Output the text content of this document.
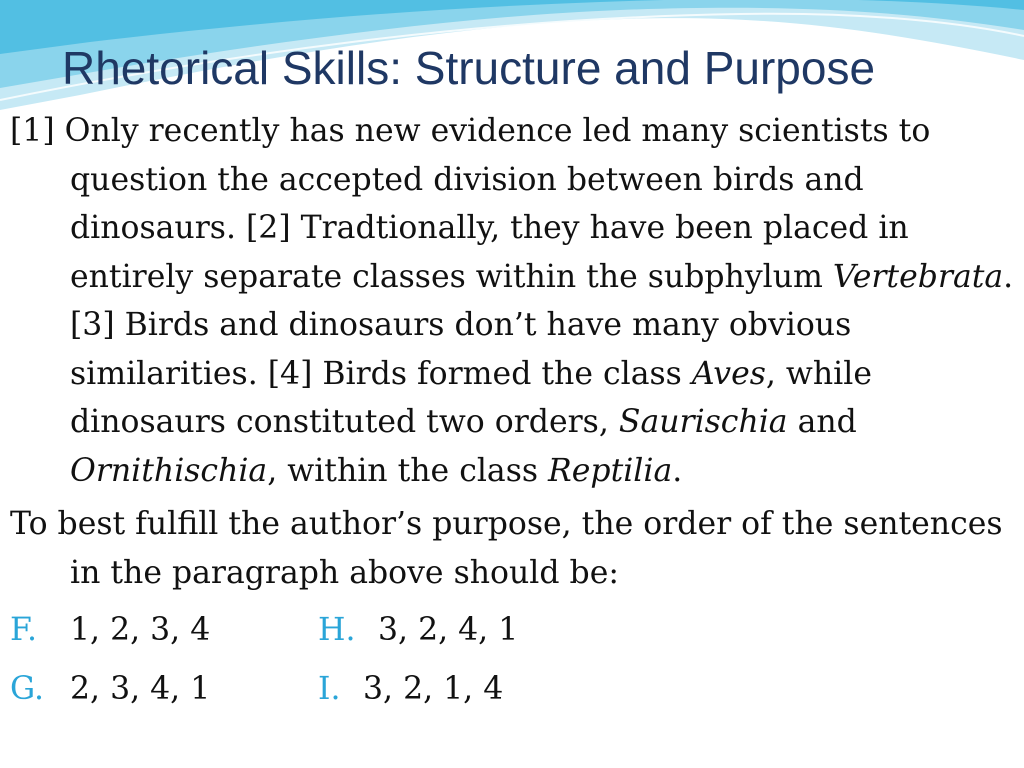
Rhetorical Skills: Structure and Purpose
[1] Only recently has new evidence led many scientists to question the accepted division between birds and dinosaurs. [2] Tradtionally, they have been placed in entirely separate classes within the subphylum Vertebrata. [3] Birds and dinosaurs don’t have many obvious similarities. [4] Birds formed the class Aves, while dinosaurs constituted two orders, Saurischia and Ornithischia, within the class Reptilia.
To best fulfill the author’s purpose, the order of the sentences in the paragraph above should be:
F. 1, 2, 3, 4
G. 2, 3, 4, 1
H. 3, 2, 4, 1
I. 3, 2, 1, 4
